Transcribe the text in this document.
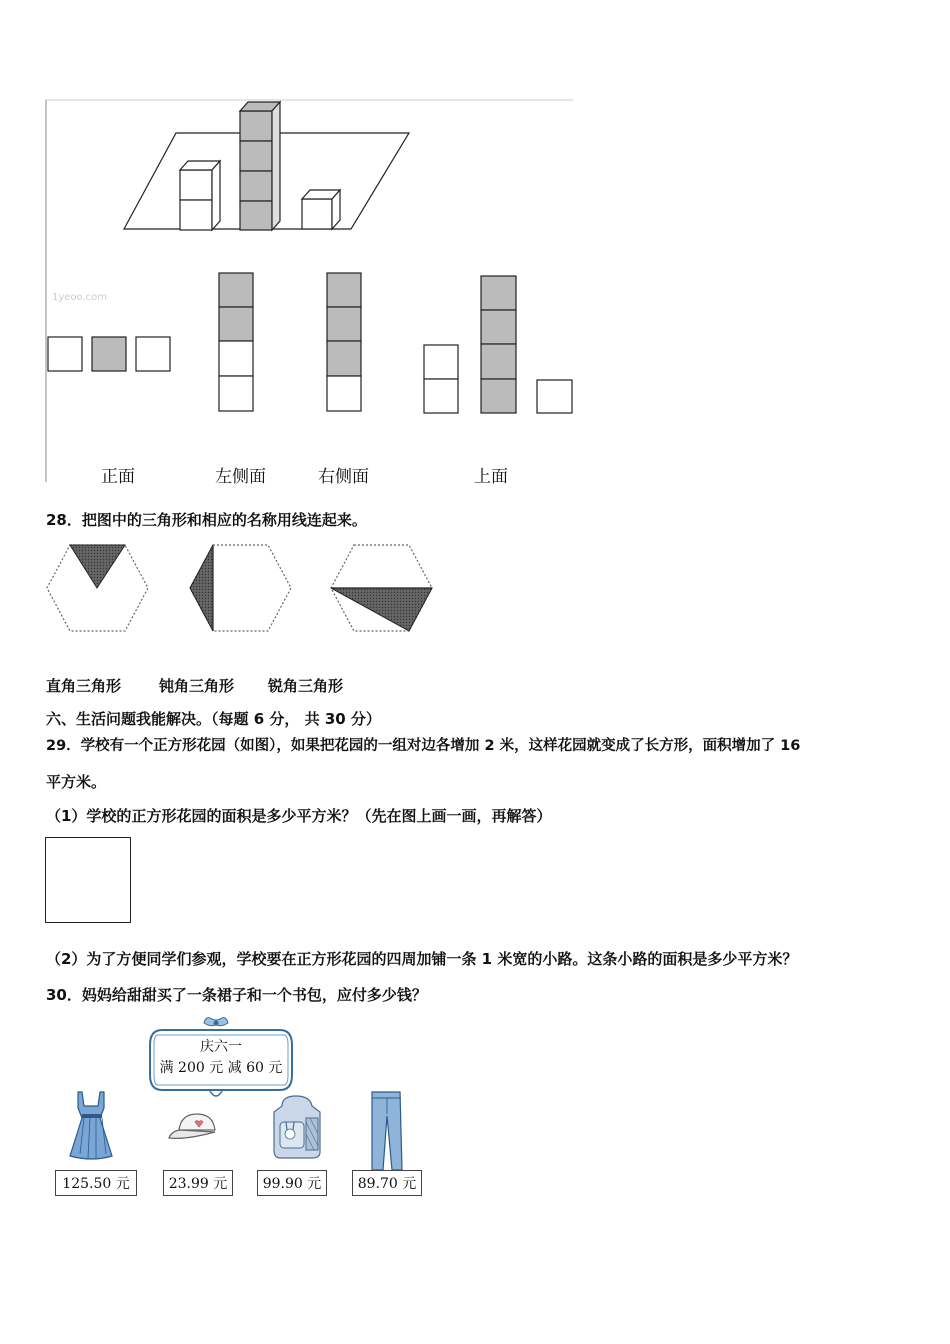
1yeoo.com
正面	左侧面	右侧面	上面
28．把图中的三角形和相应的名称用线连起来。
直角三角形	钝角三角形 锐角三角形
六、生活问题我能解决。（每题 6 分， 共 30 分）
29．学校有一个正方形花园（如图），如果把花园的一组对边各增加 2 米，这样花园就变成了长方形，面积增加了 16
平方米。
（1）学校的正方形花园的面积是多少平方米？（先在图上画一画，再解答）
（2）为了方便同学们参观，学校要在正方形花园的四周加铺一条 1 米宽的小路。这条小路的面积是多少平方米？
30．妈妈给甜甜买了一条裙子和一个书包，应付多少钱？
庆六一
满 200 元 减 60 元
125.50 元	23.99 元	99.90 元	89.70 元
